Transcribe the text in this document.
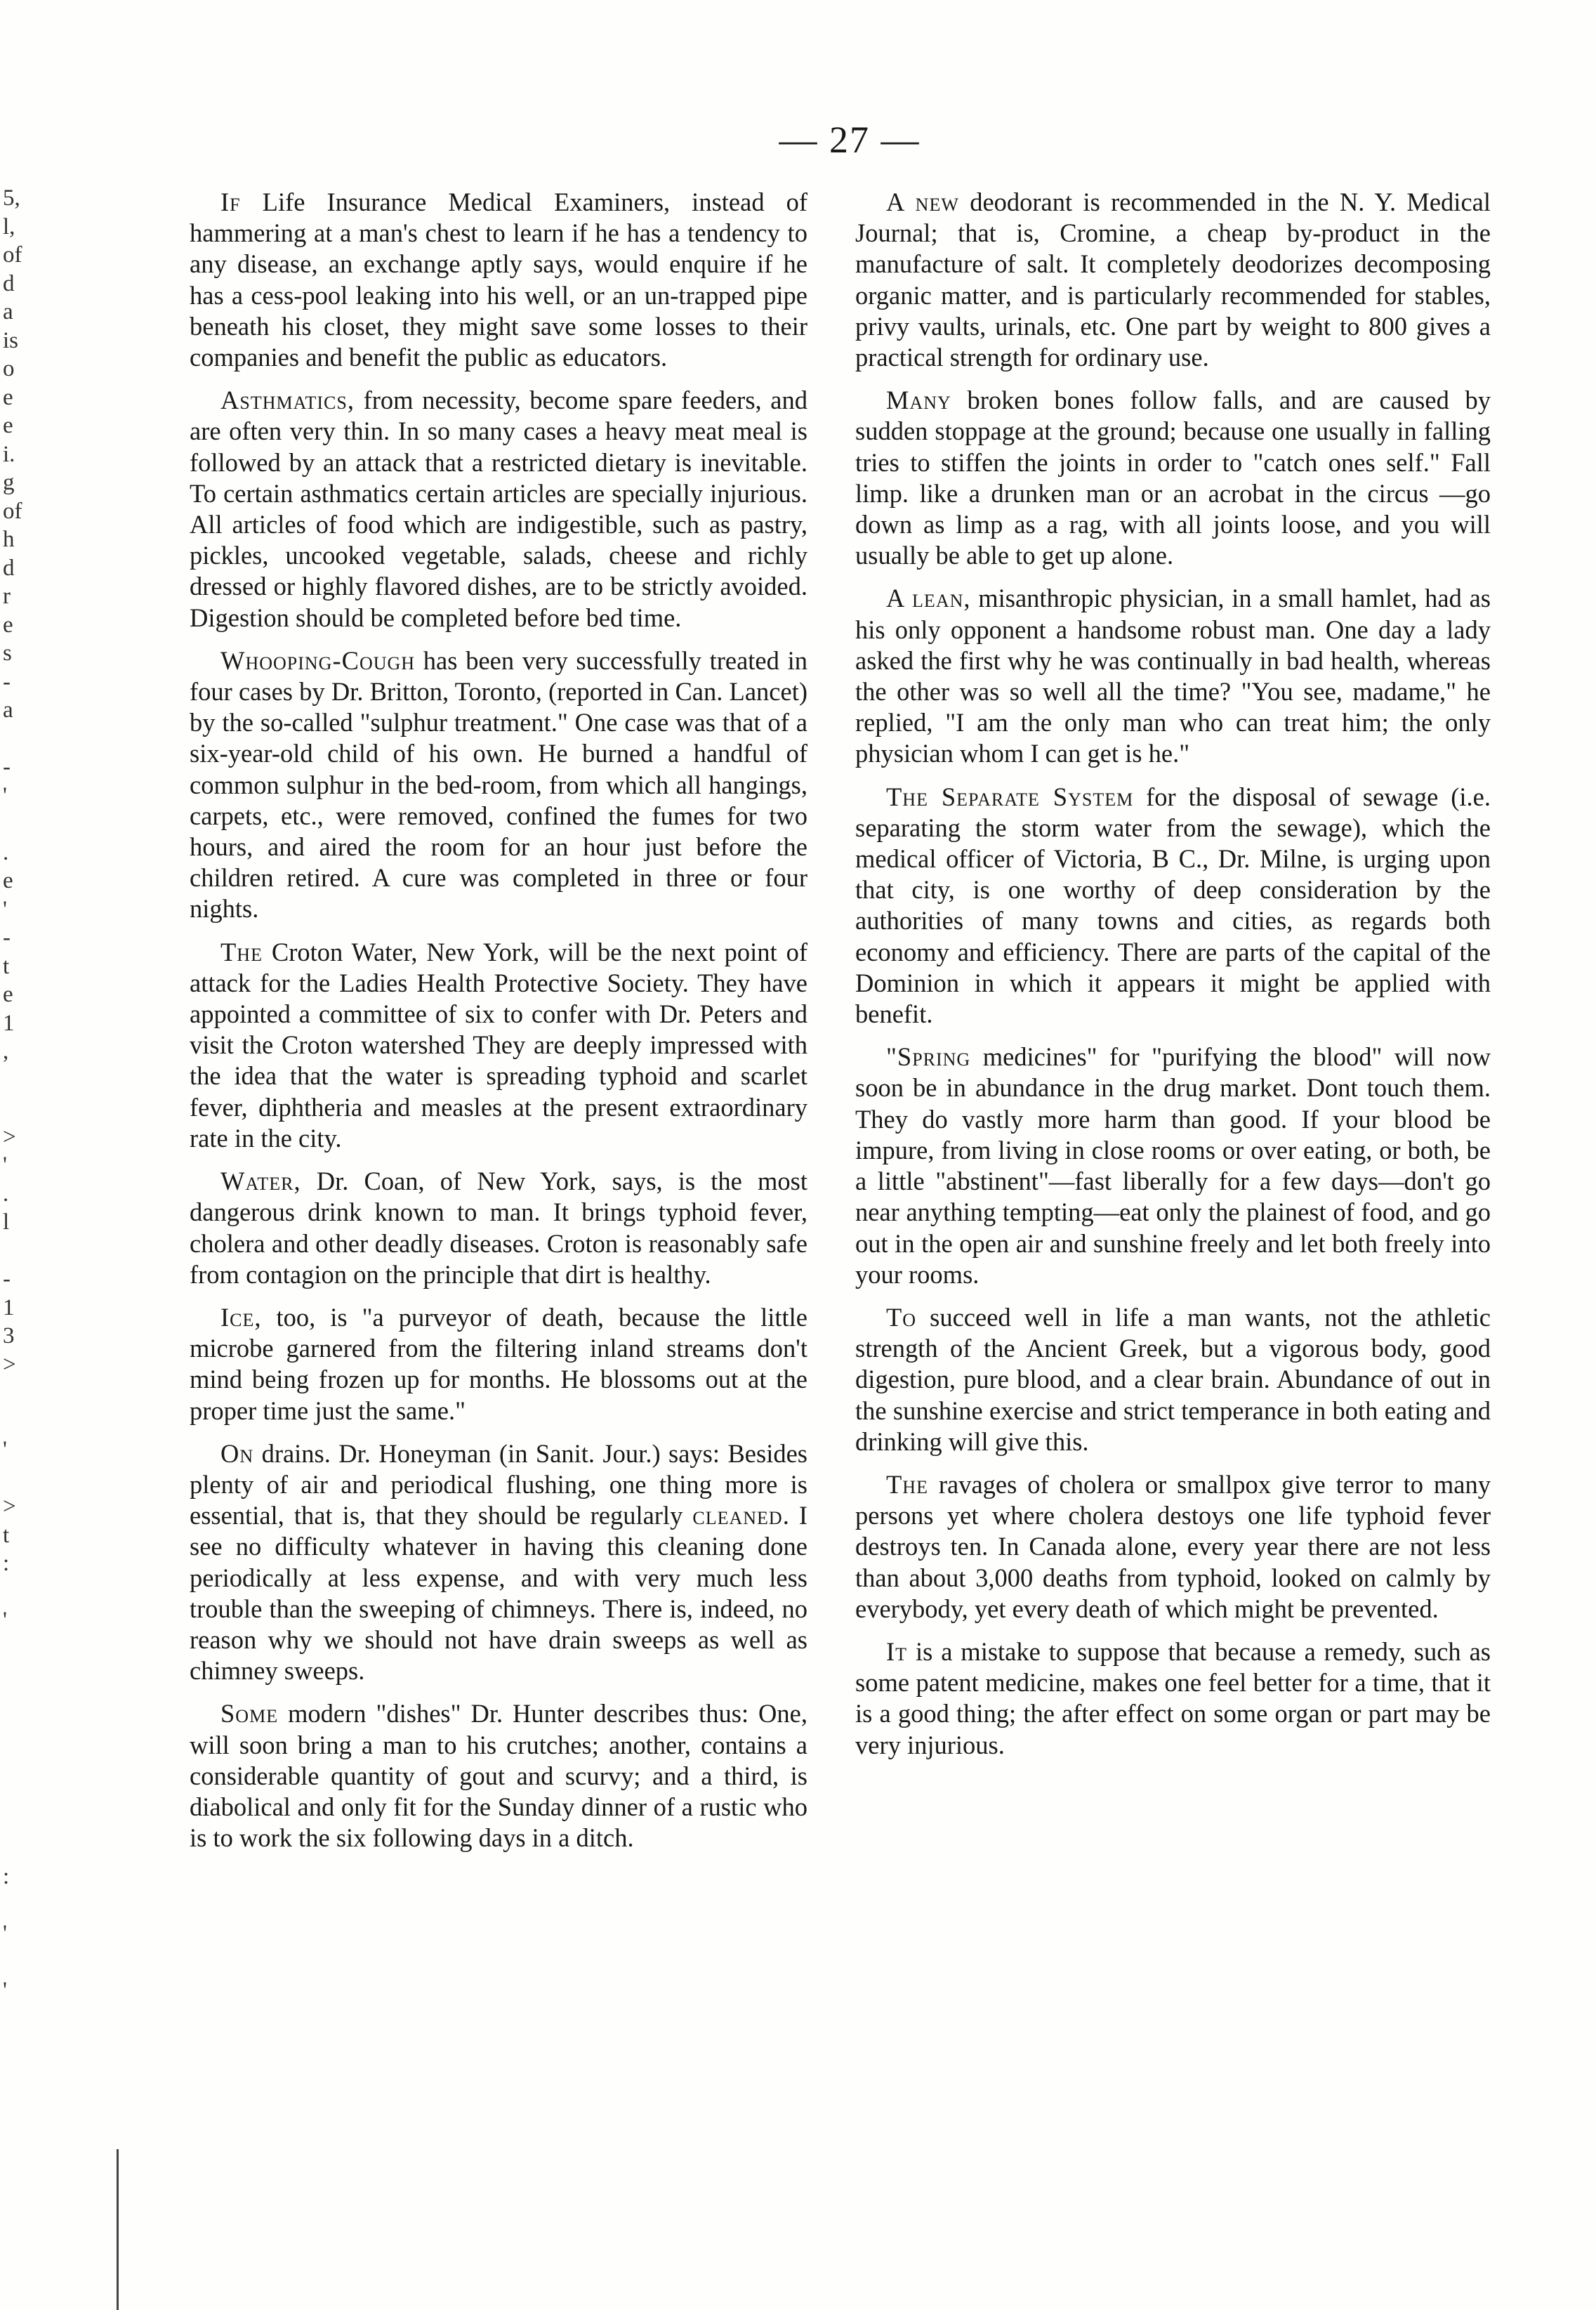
— 27 —
5,
l,
of
d
a
is
o
e
e
i.
g
of
h
d
r
e
s
-
a
-
'
.
e
'
-
t
e
1
,
>
'
.
l
-
1
3
>
'
>
t
:
'
:
'
'

If Life Insurance Medical Examiners, instead of hammering at a man's chest to learn if he has a tendency to any disease, an exchange aptly says, would enquire if he has a cess-pool leaking into his well, or an un-trapped pipe beneath his closet, they might save some losses to their companies and benefit the public as educators.

Asthmatics, from necessity, become spare feeders, and are often very thin. In so many cases a heavy meat meal is followed by an attack that a restricted dietary is inevitable. To certain asthmatics certain articles are specially injurious. All articles of food which are indigestible, such as pastry, pickles, uncooked vegetable, salads, cheese and richly dressed or highly flavored dishes, are to be strictly avoided. Digestion should be completed before bed time.

Whooping-Cough has been very successfully treated in four cases by Dr. Britton, Toronto, (reported in Can. Lancet) by the so-called "sulphur treatment." One case was that of a six-year-old child of his own. He burned a handful of common sulphur in the bed-room, from which all hangings, carpets, etc., were removed, confined the fumes for two hours, and aired the room for an hour just before the children retired. A cure was completed in three or four nights.

The Croton Water, New York, will be the next point of attack for the Ladies Health Protective Society. They have appointed a committee of six to confer with Dr. Peters and visit the Croton watershed They are deeply impressed with the idea that the water is spreading typhoid and scarlet fever, diphtheria and measles at the present extraordinary rate in the city.

Water, Dr. Coan, of New York, says, is the most dangerous drink known to man. It brings typhoid fever, cholera and other deadly diseases. Croton is reasonably safe from contagion on the principle that dirt is healthy.

Ice, too, is "a purveyor of death, because the little microbe garnered from the filtering inland streams don't mind being frozen up for months. He blossoms out at the proper time just the same."

On drains. Dr. Honeyman (in Sanit. Jour.) says: Besides plenty of air and periodical flushing, one thing more is essential, that is, that they should be regularly cleaned. I see no difficulty whatever in having this cleaning done periodically at less expense, and with very much less trouble than the sweeping of chimneys. There is, indeed, no reason why we should not have drain sweeps as well as chimney sweeps.

Some modern "dishes" Dr. Hunter describes thus: One, will soon bring a man to his crutches; another, contains a considerable quantity of gout and scurvy; and a third, is diabolical and only fit for the Sunday dinner of a rustic who is to work the six following days in a ditch.

A new deodorant is recommended in the N. Y. Medical Journal; that is, Cromine, a cheap by-product in the manufacture of salt. It completely deodorizes decomposing organic matter, and is particularly recommended for stables, privy vaults, urinals, etc. One part by weight to 800 gives a practical strength for ordinary use.

Many broken bones follow falls, and are caused by sudden stoppage at the ground; because one usually in falling tries to stiffen the joints in order to "catch ones self." Fall limp. like a drunken man or an acrobat in the circus —go down as limp as a rag, with all joints loose, and you will usually be able to get up alone.

A lean, misanthropic physician, in a small hamlet, had as his only opponent a handsome robust man. One day a lady asked the first why he was continually in bad health, whereas the other was so well all the time? "You see, madame," he replied, "I am the only man who can treat him; the only physician whom I can get is he."

The Separate System for the disposal of sewage (i.e. separating the storm water from the sewage), which the medical officer of Victoria, B C., Dr. Milne, is urging upon that city, is one worthy of deep consideration by the authorities of many towns and cities, as regards both economy and efficiency. There are parts of the capital of the Dominion in which it appears it might be applied with benefit.

"Spring medicines" for "purifying the blood" will now soon be in abundance in the drug market. Dont touch them. They do vastly more harm than good. If your blood be impure, from living in close rooms or over eating, or both, be a little "abstinent"—fast liberally for a few days—don't go near anything tempting—eat only the plainest of food, and go out in the open air and sunshine freely and let both freely into your rooms.

To succeed well in life a man wants, not the athletic strength of the Ancient Greek, but a vigorous body, good digestion, pure blood, and a clear brain. Abundance of out in the sunshine exercise and strict temperance in both eating and drinking will give this.

The ravages of cholera or smallpox give terror to many persons yet where cholera destoys one life typhoid fever destroys ten. In Canada alone, every year there are not less than about 3,000 deaths from typhoid, looked on calmly by everybody, yet every death of which might be prevented.

It is a mistake to suppose that because a remedy, such as some patent medicine, makes one feel better for a time, that it is a good thing; the after effect on some organ or part may be very injurious.
